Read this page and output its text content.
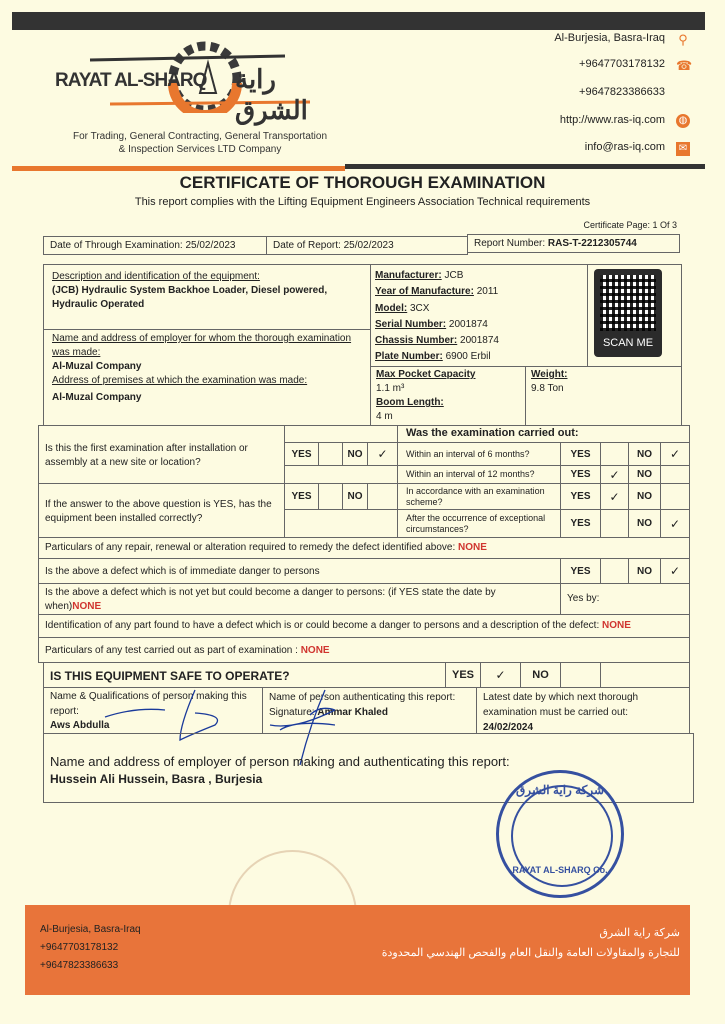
RAYAT AL-SHARQ راية الشرق
For Trading, General Contracting, General Transportation
& Inspection Services LTD Company
Al-Burjesia, Basra-Iraq ⚲
+9647703178132 ☎
+9647823386633
http://www.ras-iq.com ◍
info@ras-iq.com ✉
CERTIFICATE OF THOROUGH EXAMINATION
This report complies with the Lifting Equipment Engineers Association Technical requirements
Certificate Page: 1 Of 3
Date of Through Examination: 25/02/2023	Date of Report: 25/02/2023	Report Number: RAS-T-2212305744
Description and identification of the equipment:
(JCB) Hydraulic System Backhoe Loader, Diesel powered, Hydraulic Operated
Name and address of employer for whom the thorough examination was made:
Al-Muzal Company
Address of premises at which the examination was made:
Al-Muzal Company
Manufacturer: JCB
Year of Manufacture: 2011
Model: 3CX
Serial Number: 2001874
Chassis Number: 2001874
Plate Number: 6900 Erbil
SCAN ME
Max Pocket Capacity
1.1 m³
Boom Length:
4 m
Weight:
9.8 Ton
Is this the first examination after installation or assembly at a new site or location?
If the answer to the above question is YES, has the equipment been installed correctly?
YES	NO	✓
YES	NO
Was the examination carried out:
Within an interval of 6 months?	YES	NO	✓
Within an interval of 12 months?	YES	✓	NO
In accordance with an examination scheme?	YES	✓	NO
After the occurrence of exceptional circumstances?	YES	NO	✓
Particulars of any repair, renewal or alteration required to remedy the defect identified above: NONE
Is the above a defect which is of immediate danger to persons	YES	NO	✓
Is the above a defect which is not yet but could become a danger to persons: (if YES state the date by when)NONE
Yes by:
Identification of any part found to have a defect which is or could become a danger to persons and a description of the defect: NONE
Particulars of any test carried out as part of examination : NONE
IS THIS EQUIPMENT SAFE TO OPERATE?	YES	✓	NO
Name & Qualifications of person making this report:
Aws Abdulla
Name of person authenticating this report:
Signature: Ammar Khaled
Latest date by which next thorough examination must be carried out:
24/02/2024
Name and address of employer of person making and authenticating this report:
Hussein Ali Hussein, Basra , Burjesia
شركة راية الشرق
RAYAT AL-SHARQ Co.
Al-Burjesia, Basra-Iraq
+9647703178132
+9647823386633
شركة راية الشرق
للتجارة والمقاولات العامة والنقل العام والفحص الهندسي المحدودة
